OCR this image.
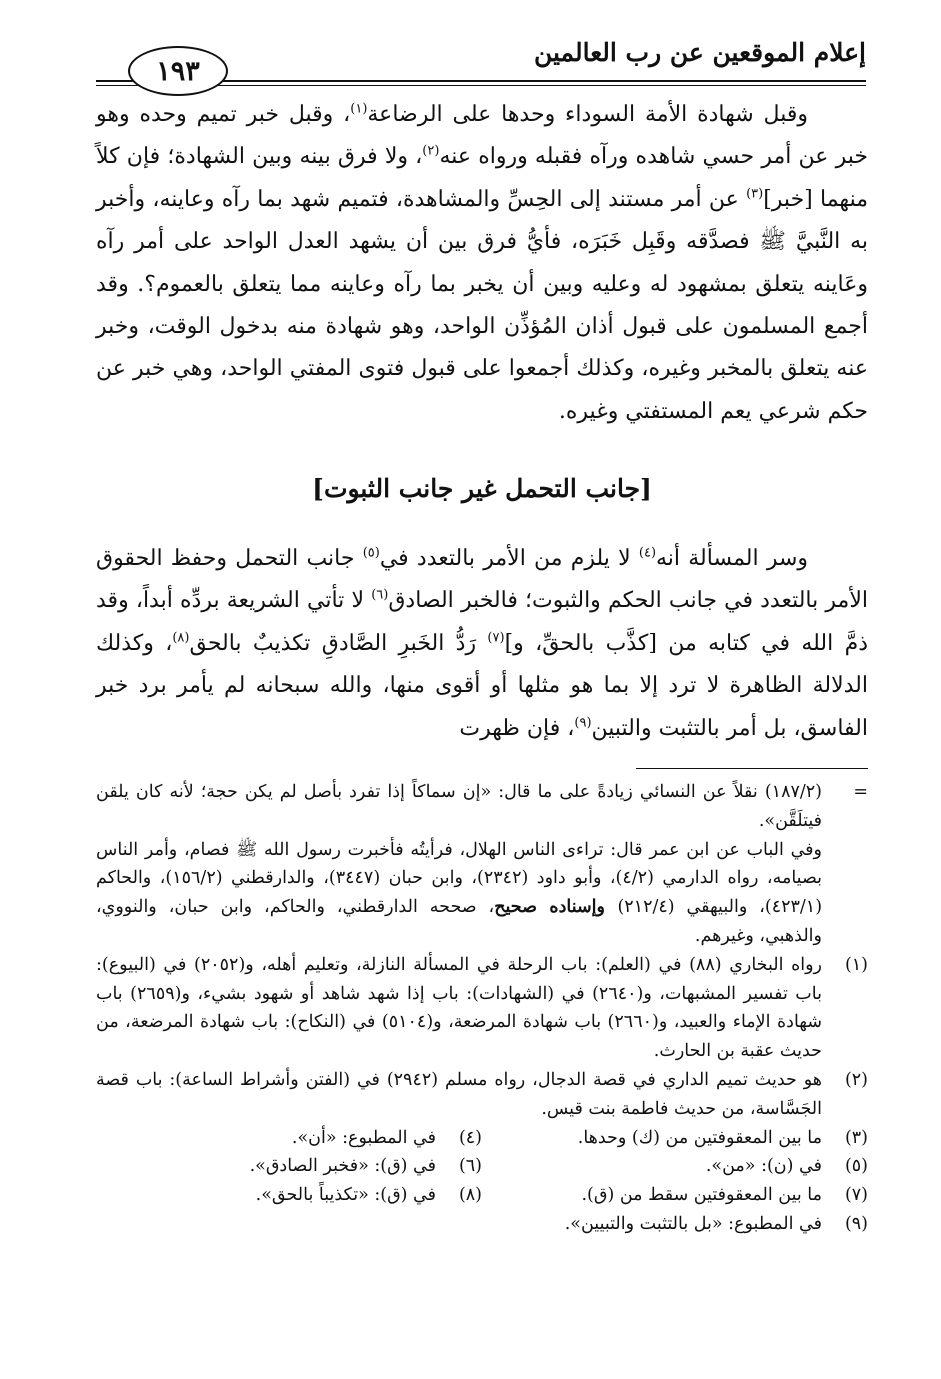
إعلام الموقعين عن رب العالمين
١٩٣

وقبل شهادة الأمة السوداء وحدها على الرضاعة$^{(١)}$، وقبل خبر تميم وحده وهو خبر عن أمر حسي شاهده ورآه فقبله ورواه عنه$^{(٢)}$، ولا فرق بينه وبين الشهادة؛ فإن كلاً منهما [خبر]$^{(٣)}$ عن أمر مستند إلى الحِسِّ والمشاهدة، فتميم شهد بما رآه وعاينه، وأخبر به النَّبيَّ ﷺ فصدَّقه وقَبِل خَبَرَه، فأيُّ فرق بين أن يشهد العدل الواحد على أمر رآه وعَاينه يتعلق بمشهود له وعليه وبين أن يخبر بما رآه وعاينه مما يتعلق بالعموم؟. وقد أجمع المسلمون على قبول أذان المُؤذِّن الواحد، وهو شهادة منه بدخول الوقت، وخبر عنه يتعلق بالمخبر وغيره، وكذلك أجمعوا على قبول فتوى المفتي الواحد، وهي خبر عن حكم شرعي يعم المستفتي وغيره.

[جانب التحمل غير جانب الثبوت]

وسر المسألة أنه$^{(٤)}$ لا يلزم من الأمر بالتعدد في$^{(٥)}$ جانب التحمل وحفظ الحقوق الأمر بالتعدد في جانب الحكم والثبوت؛ فالخبر الصادق$^{(٦)}$ لا تأتي الشريعة بردِّه أبداً، وقد ذمَّ الله في كتابه من [كذَّب بالحقِّ، و]$^{(٧)}$ رَدُّ الخَبرِ الصَّادقِ تكذيبٌ بالحق$^{(٨)}$، وكذلك الدلالة الظاهرة لا ترد إلا بما هو مثلها أو أقوى منها، والله سبحانه لم يأمر برد خبر الفاسق، بل أمر بالتثبت والتبين$^{(٩)}$، فإن ظهرت

=
(١٨٧/٢) نقلاً عن النسائي زيادةً على ما قال: «إن سماكاً إذا تفرد بأصل لم يكن حجة؛ لأنه كان يلقن فيتلَقَّن».

وفي الباب عن ابن عمر قال: تراءى الناس الهلال، فرأيتُه فأخبرت رسول الله ﷺ فصام، وأمر الناس بصيامه، رواه الدارمي (٤/٢)، وأبو داود (٢٣٤٢)، وابن حبان (٣٤٤٧)، والدارقطني (١٥٦/٢)، والحاكم (٤٢٣/١)، والبيهقي (٢١٢/٤) وإسناده صحيح، صححه الدارقطني، والحاكم، وابن حبان، والنووي، والذهبي، وغيرهم.

(١)
رواه البخاري (٨٨) في (العلم): باب الرحلة في المسألة النازلة، وتعليم أهله، و(٢٠٥٢) في (البيوع): باب تفسير المشبهات، و(٢٦٤٠) في (الشهادات): باب إذا شهد شاهد أو شهود بشيء، و(٢٦٥٩) باب شهادة الإماء والعبيد، و(٢٦٦٠) باب شهادة المرضعة، و(٥١٠٤) في (النكاح): باب شهادة المرضعة، من حديث عقبة بن الحارث.
(٢)
هو حديث تميم الداري في قصة الدجال، رواه مسلم (٢٩٤٢) في (الفتن وأشراط الساعة): باب قصة الجَسَّاسة، من حديث فاطمة بنت قيس.
(٣)
ما بين المعقوفتين من (ك) وحدها.
(٤)
في المطبوع: «أن».
(٥)
في (ن): «من».
(٦)
في (ق): «فخبر الصادق».
(٧)
ما بين المعقوفتين سقط من (ق).
(٨)
في (ق): «تكذيباً بالحق».
(٩)
في المطبوع: «بل بالتثبت والتبيين».
